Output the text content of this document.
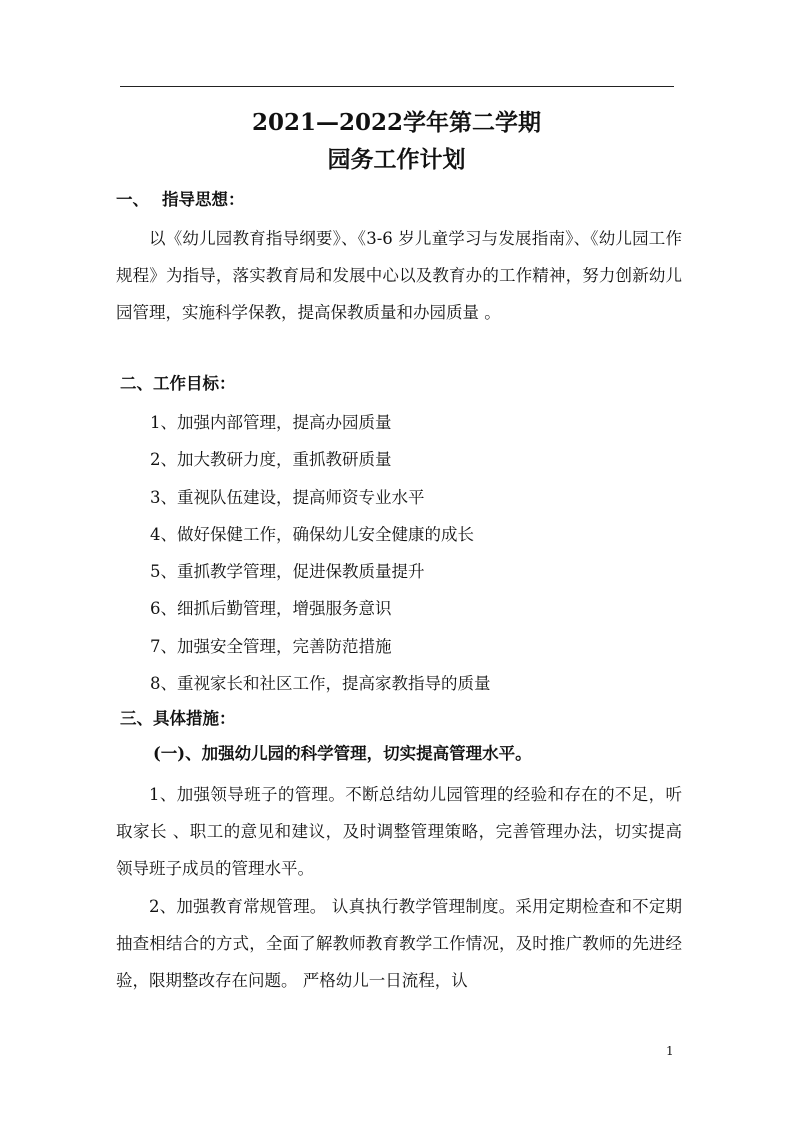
2021—2022学年第二学期
园务工作计划
一、 指导思想：
以《幼儿园教育指导纲要》、《3-6 岁儿童学习与发展指南》、《幼儿园工作规程》为指导，落实教育局和发展中心以及教育办的工作精神，努力创新幼儿园管理，实施科学保教，提高保教质量和办园质量 。
二、工作目标：
1、加强内部管理，提高办园质量
2、加大教研力度，重抓教研质量
3、重视队伍建设，提高师资专业水平
4、做好保健工作，确保幼儿安全健康的成长
5、重抓教学管理，促进保教质量提升
6、细抓后勤管理，增强服务意识
7、加强安全管理，完善防范措施
8、重视家长和社区工作，提高家教指导的质量
三、具体措施：
(一)、加强幼儿园的科学管理，切实提高管理水平。
1、加强领导班子的管理。不断总结幼儿园管理的经验和存在的不足，听取家长 、职工的意见和建议，及时调整管理策略，完善管理办法，切实提高领导班子成员的管理水平。
2、加强教育常规管理。 认真执行教学管理制度。采用定期检查和不定期抽查相结合的方式，全面了解教师教育教学工作情况，及时推广教师的先进经验，限期整改存在问题。 严格幼儿一日流程，认
1
